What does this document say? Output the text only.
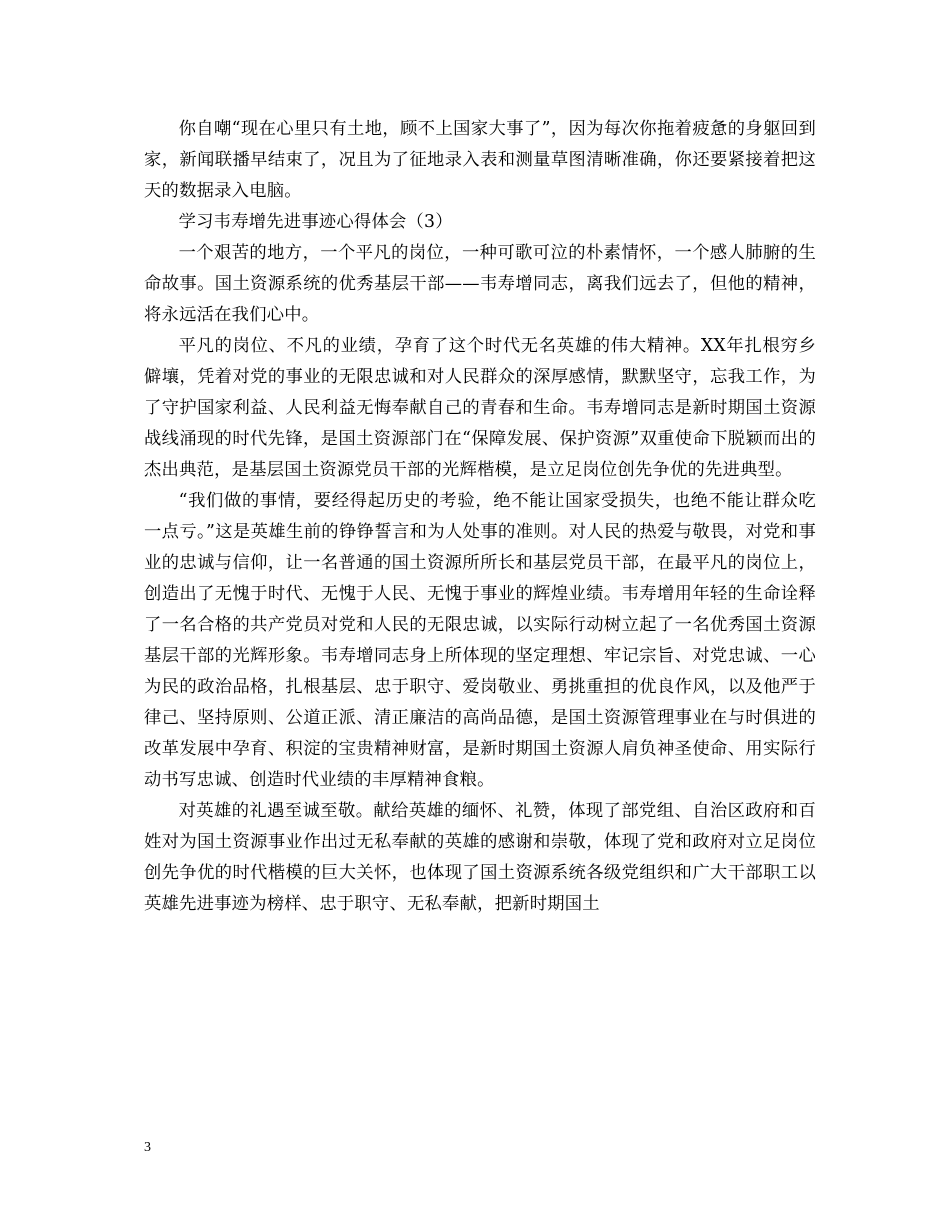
你自嘲“现在心里只有土地，顾不上国家大事了”，因为每次你拖着疲惫的身躯回到家，新闻联播早结束了，况且为了征地录入表和测量草图清晰准确，你还要紧接着把这天的数据录入电脑。

学习韦寿增先进事迹心得体会（3）

一个艰苦的地方，一个平凡的岗位，一种可歌可泣的朴素情怀，一个感人肺腑的生命故事。国土资源系统的优秀基层干部——韦寿增同志，离我们远去了，但他的精神，将永远活在我们心中。

平凡的岗位、不凡的业绩，孕育了这个时代无名英雄的伟大精神。XX年扎根穷乡僻壤，凭着对党的事业的无限忠诚和对人民群众的深厚感情，默默坚守，忘我工作，为了守护国家利益、人民利益无悔奉献自己的青春和生命。韦寿增同志是新时期国土资源战线涌现的时代先锋，是国土资源部门在“保障发展、保护资源”双重使命下脱颖而出的杰出典范，是基层国土资源党员干部的光辉楷模，是立足岗位创先争优的先进典型。

“我们做的事情，要经得起历史的考验，绝不能让国家受损失，也绝不能让群众吃一点亏。”这是英雄生前的铮铮誓言和为人处事的准则。对人民的热爱与敬畏，对党和事业的忠诚与信仰，让一名普通的国土资源所所长和基层党员干部，在最平凡的岗位上，创造出了无愧于时代、无愧于人民、无愧于事业的辉煌业绩。韦寿增用年轻的生命诠释了一名合格的共产党员对党和人民的无限忠诚，以实际行动树立起了一名优秀国土资源基层干部的光辉形象。韦寿增同志身上所体现的坚定理想、牢记宗旨、对党忠诚、一心为民的政治品格，扎根基层、忠于职守、爱岗敬业、勇挑重担的优良作风，以及他严于律己、坚持原则、公道正派、清正廉洁的高尚品德，是国土资源管理事业在与时俱进的改革发展中孕育、积淀的宝贵精神财富，是新时期国土资源人肩负神圣使命、用实际行动书写忠诚、创造时代业绩的丰厚精神食粮。

对英雄的礼遇至诚至敬。献给英雄的缅怀、礼赞，体现了部党组、自治区政府和百姓对为国土资源事业作出过无私奉献的英雄的感谢和崇敬，体现了党和政府对立足岗位创先争优的时代楷模的巨大关怀，也体现了国土资源系统各级党组织和广大干部职工以英雄先进事迹为榜样、忠于职守、无私奉献，把新时期国土

3
